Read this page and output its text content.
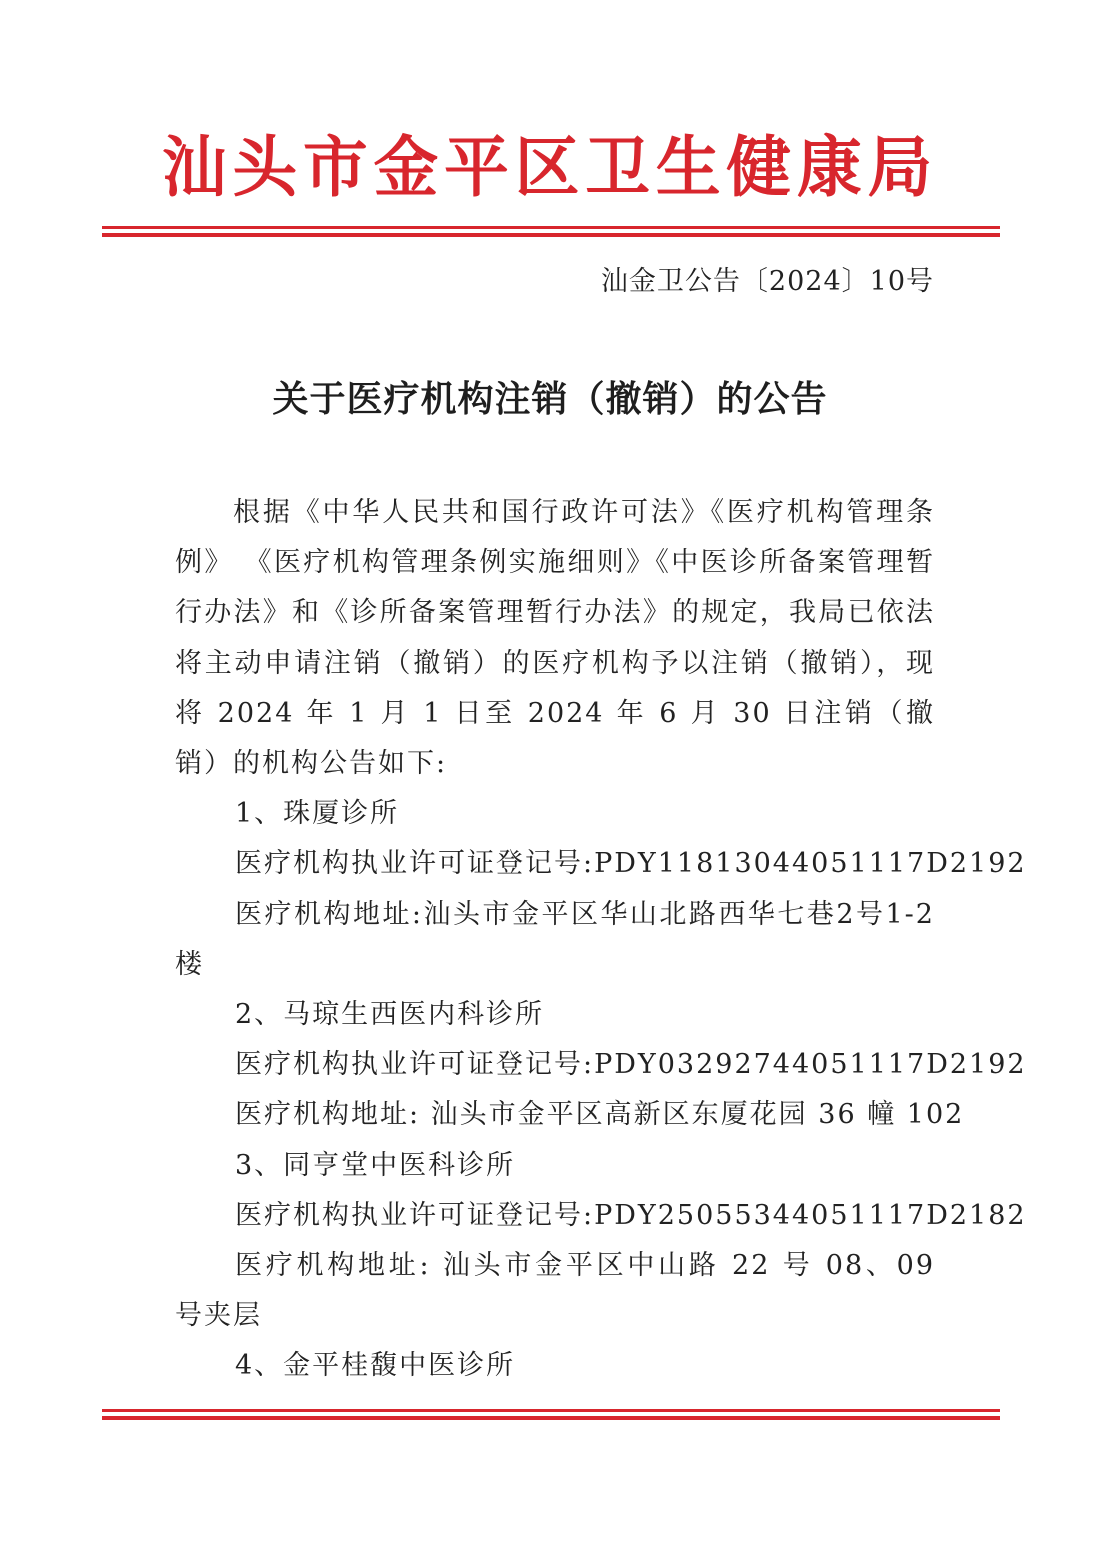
汕头市金平区卫生健康局
汕金卫公告〔2024〕10号
关于医疗机构注销（撤销）的公告

根据《中华人民共和国行政许可法》《医疗机构管理条例》 《医疗机构管理条例实施细则》《中医诊所备案管理暂行办法》和《诊所备案管理暂行办法》的规定，我局已依法将主动申请注销（撤销）的医疗机构予以注销（撤销），现将 2024 年 1 月 1 日至 2024 年 6 月 30 日注销（撤销）的机构公告如下:

1、珠厦诊所

医疗机构执业许可证登记号:PDY11813044051117D2192

医疗机构地址:汕头市金平区华山北路西华七巷2号1-2楼

2、马琼生西医内科诊所

医疗机构执业许可证登记号:PDY03292744051117D2192

医疗机构地址: 汕头市金平区高新区东厦花园 36 幢 102

3、同亨堂中医科诊所

医疗机构执业许可证登记号:PDY25055344051117D2182

医疗机构地址: 汕头市金平区中山路 22 号 08、09 号夹层

4、金平桂馥中医诊所
